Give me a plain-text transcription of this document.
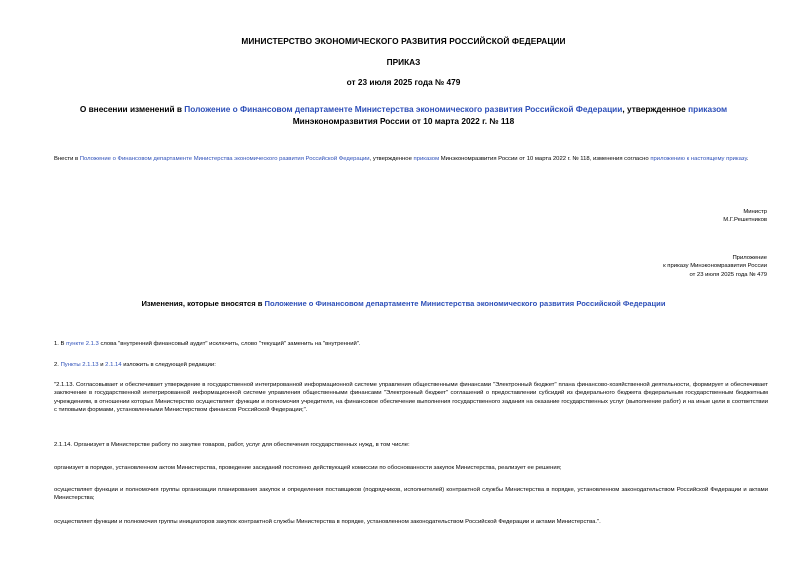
МИНИСТЕРСТВО ЭКОНОМИЧЕСКОГО РАЗВИТИЯ РОССИЙСКОЙ ФЕДЕРАЦИИ
ПРИКАЗ
от 23 июля 2025 года № 479
О внесении изменений в Положение о Финансовом департаменте Министерства экономического развития Российской Федерации, утвержденное приказом
Минэкономразвития России от 10 марта 2022 г. № 118
Внести в Положение о Финансовом департаменте Министерства экономического развития Российской Федерации, утвержденное приказом Минэкономразвития России от 10 марта 2022 г. № 118, изменения согласно приложению к настоящему приказу.
Министр
М.Г.Решетников
Приложение
к приказу Минэкономразвития России
от 23 июля 2025 года № 479
Изменения, которые вносятся в Положение о Финансовом департаменте Министерства экономического развития Российской Федерации
1. В пункте 2.1.3 слова "внутренний финансовый аудит" исключить, слово "текущий" заменить на "внутренний".
2. Пункты 2.1.13 и 2.1.14 изложить в следующей редакции:
"2.1.13. Согласовывает и обеспечивает утверждение в государственной интегрированной информационной системе управления общественными финансами "Электронный бюджет" плана финансово-хозяйственной деятельности, формирует и обеспечивает заключение в государственной интегрированной информационной системе управления общественными финансами "Электронный бюджет" соглашений о предоставлении субсидий из федерального бюджета федеральным государственным бюджетным учреждениям, в отношении которых Министерство осуществляет функции и полномочия учредителя, на финансовое обеспечение выполнения государственного задания на оказание государственных услуг (выполнение работ) и на иные цели в соответствии с типовыми формами, установленными Министерством финансов Российской Федерации;".
2.1.14. Организует в Министерстве работу по закупке товаров, работ, услуг для обеспечения государственных нужд, в том числе:
организует в порядке, установленном актом Министерства, проведение заседаний постоянно действующей комиссии по обоснованности закупок Министерства, реализует ее решения;
осуществляет функции и полномочия группы организации планирования закупок и определения поставщиков (подрядчиков, исполнителей) контрактной службы Министерства в порядке, установленном законодательством Российской Федерации и актами Министерства;
осуществляет функции и полномочия группы инициаторов закупок контрактной службы Министерства в порядке, установленном законодательством Российской Федерации и актами Министерства.".
